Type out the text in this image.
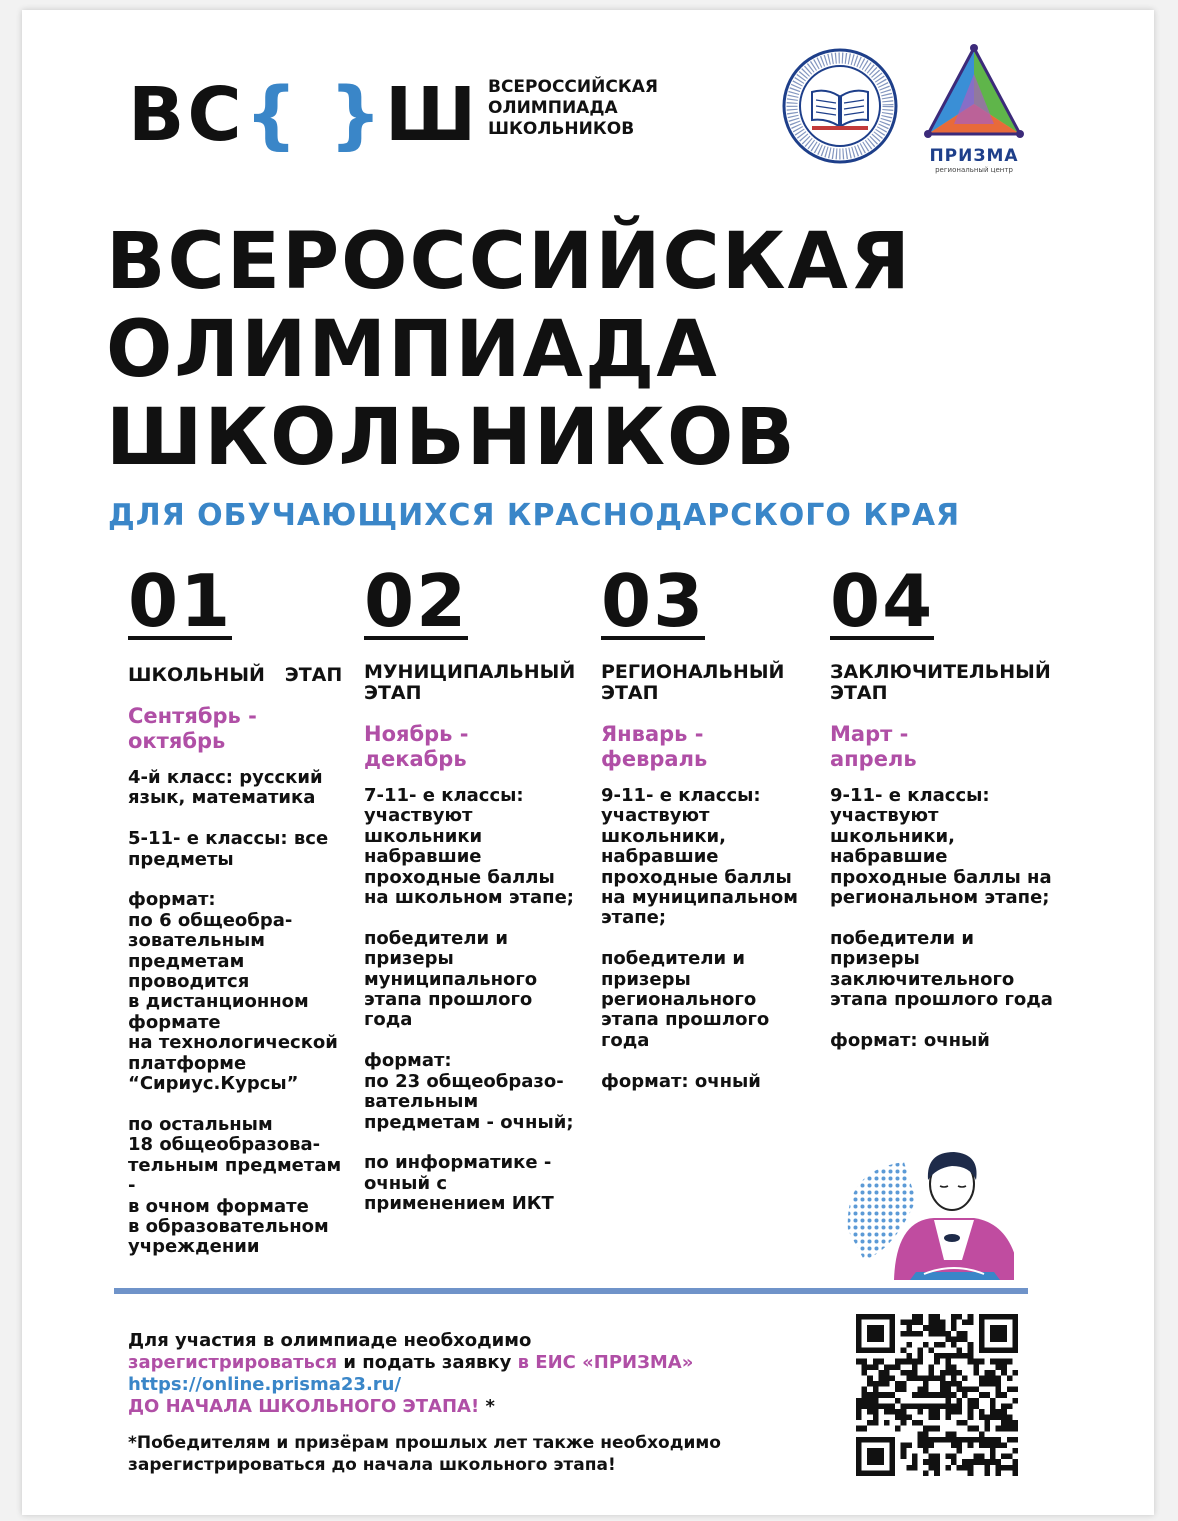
ВС{ }Ш ВСЕРОССИЙСКАЯ
ОЛИМПИАДА
ШКОЛЬНИКОВ
ПРИЗМА
региональный центр
ВСЕРОССИЙСКАЯ
ОЛИМПИАДА
ШКОЛЬНИКОВ
ДЛЯ ОБУЧАЮЩИХСЯ КРАСНОДАРСКОГО КРАЯ
01
ШКОЛЬНЫЙ   ЭТАП
Сентябрь -
октябрь
4-й класс: русский
язык, математика

5-11- е классы: все
предметы

формат:
по 6 общеобра-
зовательным
предметам
проводится
в дистанционном
формате
на технологической
платформе
“Сириус.Курсы”

по остальным
18 общеобразова-
тельным предметам
-
в очном формате
в образовательном
учреждении
02
МУНИЦИПАЛЬНЫЙ
ЭТАП
Ноябрь -
декабрь
7-11- е классы:
участвуют
школьники
набравшие
проходные баллы
на школьном этапе;

победители и
призеры
муниципального
этапа прошлого
года

формат:
по 23 общеобразо-
вательным
предметам - очный;

по информатике -
очный с
применением ИКТ
03
РЕГИОНАЛЬНЫЙ
ЭТАП
Январь -
февраль
9-11- е классы:
участвуют
школьники,
набравшие
проходные баллы
на муниципальном
этапе;

победители и
призеры
регионального
этапа прошлого
года

формат: очный
04
ЗАКЛЮЧИТЕЛЬНЫЙ
ЭТАП
Март -
апрель
9-11- е классы:
участвуют
школьники,
набравшие
проходные баллы на
региональном этапе;

победители и
призеры
заключительного
этапа прошлого года

формат: очный
Для участия в олимпиаде необходимо
зарегистрироваться и подать заявку в ЕИС «ПРИЗМА»
https://online.prisma23.ru/
ДО НАЧАЛА ШКОЛЬНОГО ЭТАПА! *
*Победителям и призёрам прошлых лет также необходимо
зарегистрироваться до начала школьного этапа!
